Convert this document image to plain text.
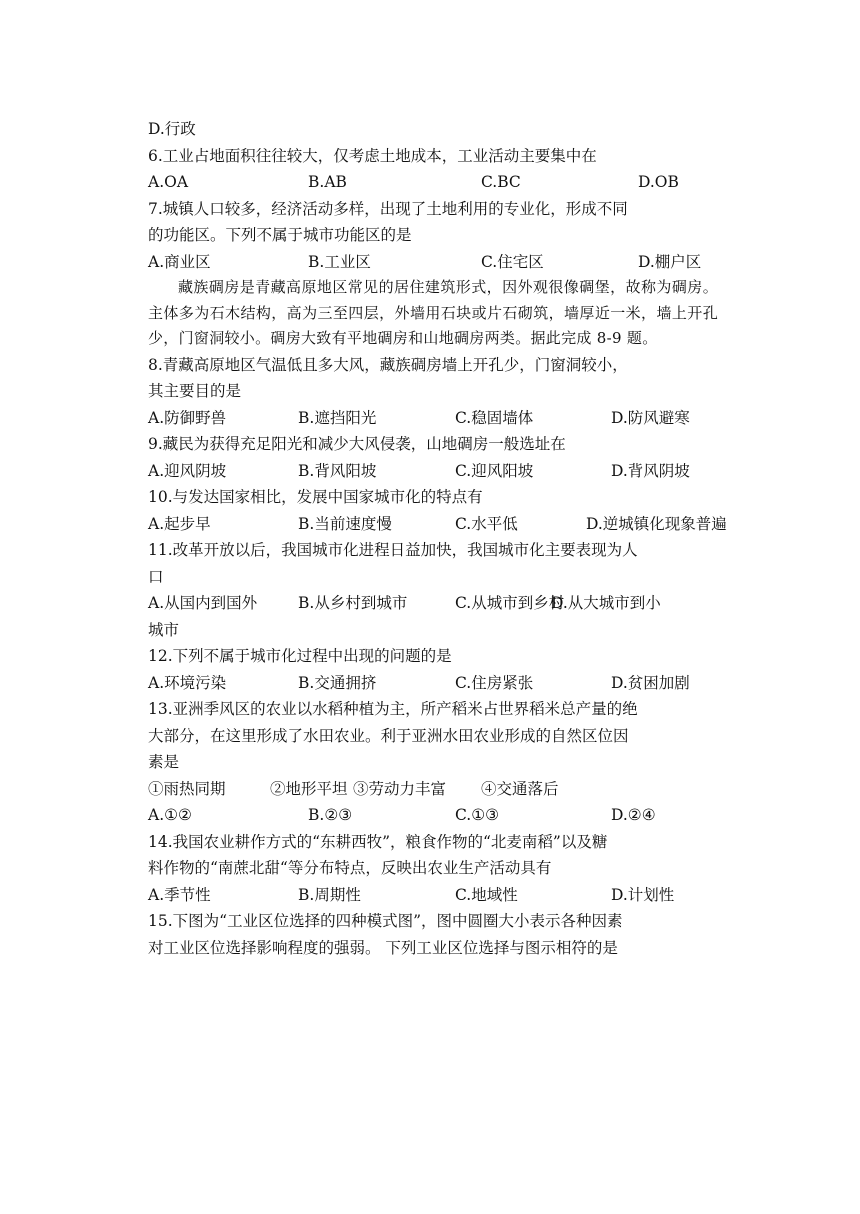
D.行政
6.工业占地面积往往较大，仅考虑土地成本，工业活动主要集中在
A.OA	B.AB	C.BC	D.OB
7.城镇人口较多，经济活动多样，出现了土地利用的专业化，形成不同
的功能区。下列不属于城市功能区的是
A.商业区	B.工业区	C.住宅区	D.棚户区
藏族碉房是青藏高原地区常见的居住建筑形式，因外观很像碉堡，故称为碉房。主体多为石木结构，高为三至四层，外墙用石块或片石砌筑，墙厚近一米，墙上开孔少，门窗洞较小。碉房大致有平地碉房和山地碉房两类。据此完成 8-9 题。
8.青藏高原地区气温低且多大风，藏族碉房墙上开孔少，门窗洞较小，
其主要目的是
A.防御野兽	B.遮挡阳光	C.稳固墙体	D.防风避寒
9.藏民为获得充足阳光和减少大风侵袭，山地碉房一般选址在
A.迎风阴坡	B.背风阳坡	C.迎风阳坡	D.背风阴坡
10.与发达国家相比，发展中国家城市化的特点有
A.起步早	B.当前速度慢	C.水平低	D.逆城镇化现象普遍
11.改革开放以后，我国城市化进程日益加快，我国城市化主要表现为人
口
A.从国内到国外	B.从乡村到城市	C.从城市到乡村
D.从大城市到小
城市
12.下列不属于城市化过程中出现的问题的是
A.环境污染	B.交通拥挤	C.住房紧张	D.贫困加剧
13.亚洲季风区的农业以水稻种植为主，所产稻米占世界稻米总产量的绝
大部分，在这里形成了水田农业。利于亚洲水田农业形成的自然区位因
素是
①雨热同期	②地形平坦 ③劳动力丰富 ④交通落后
A.①②	B.②③	C.①③	D.②④
14.我国农业耕作方式的“东耕西牧”，粮食作物的“北麦南稻”以及糖
料作物的“南蔗北甜“等分布特点，反映出农业生产活动具有
A.季节性	B.周期性	C.地域性	D.计划性
15.下图为“工业区位选择的四种模式图”，图中圆圈大小表示各种因素
对工业区位选择影响程度的强弱。 下列工业区位选择与图示相符的是
